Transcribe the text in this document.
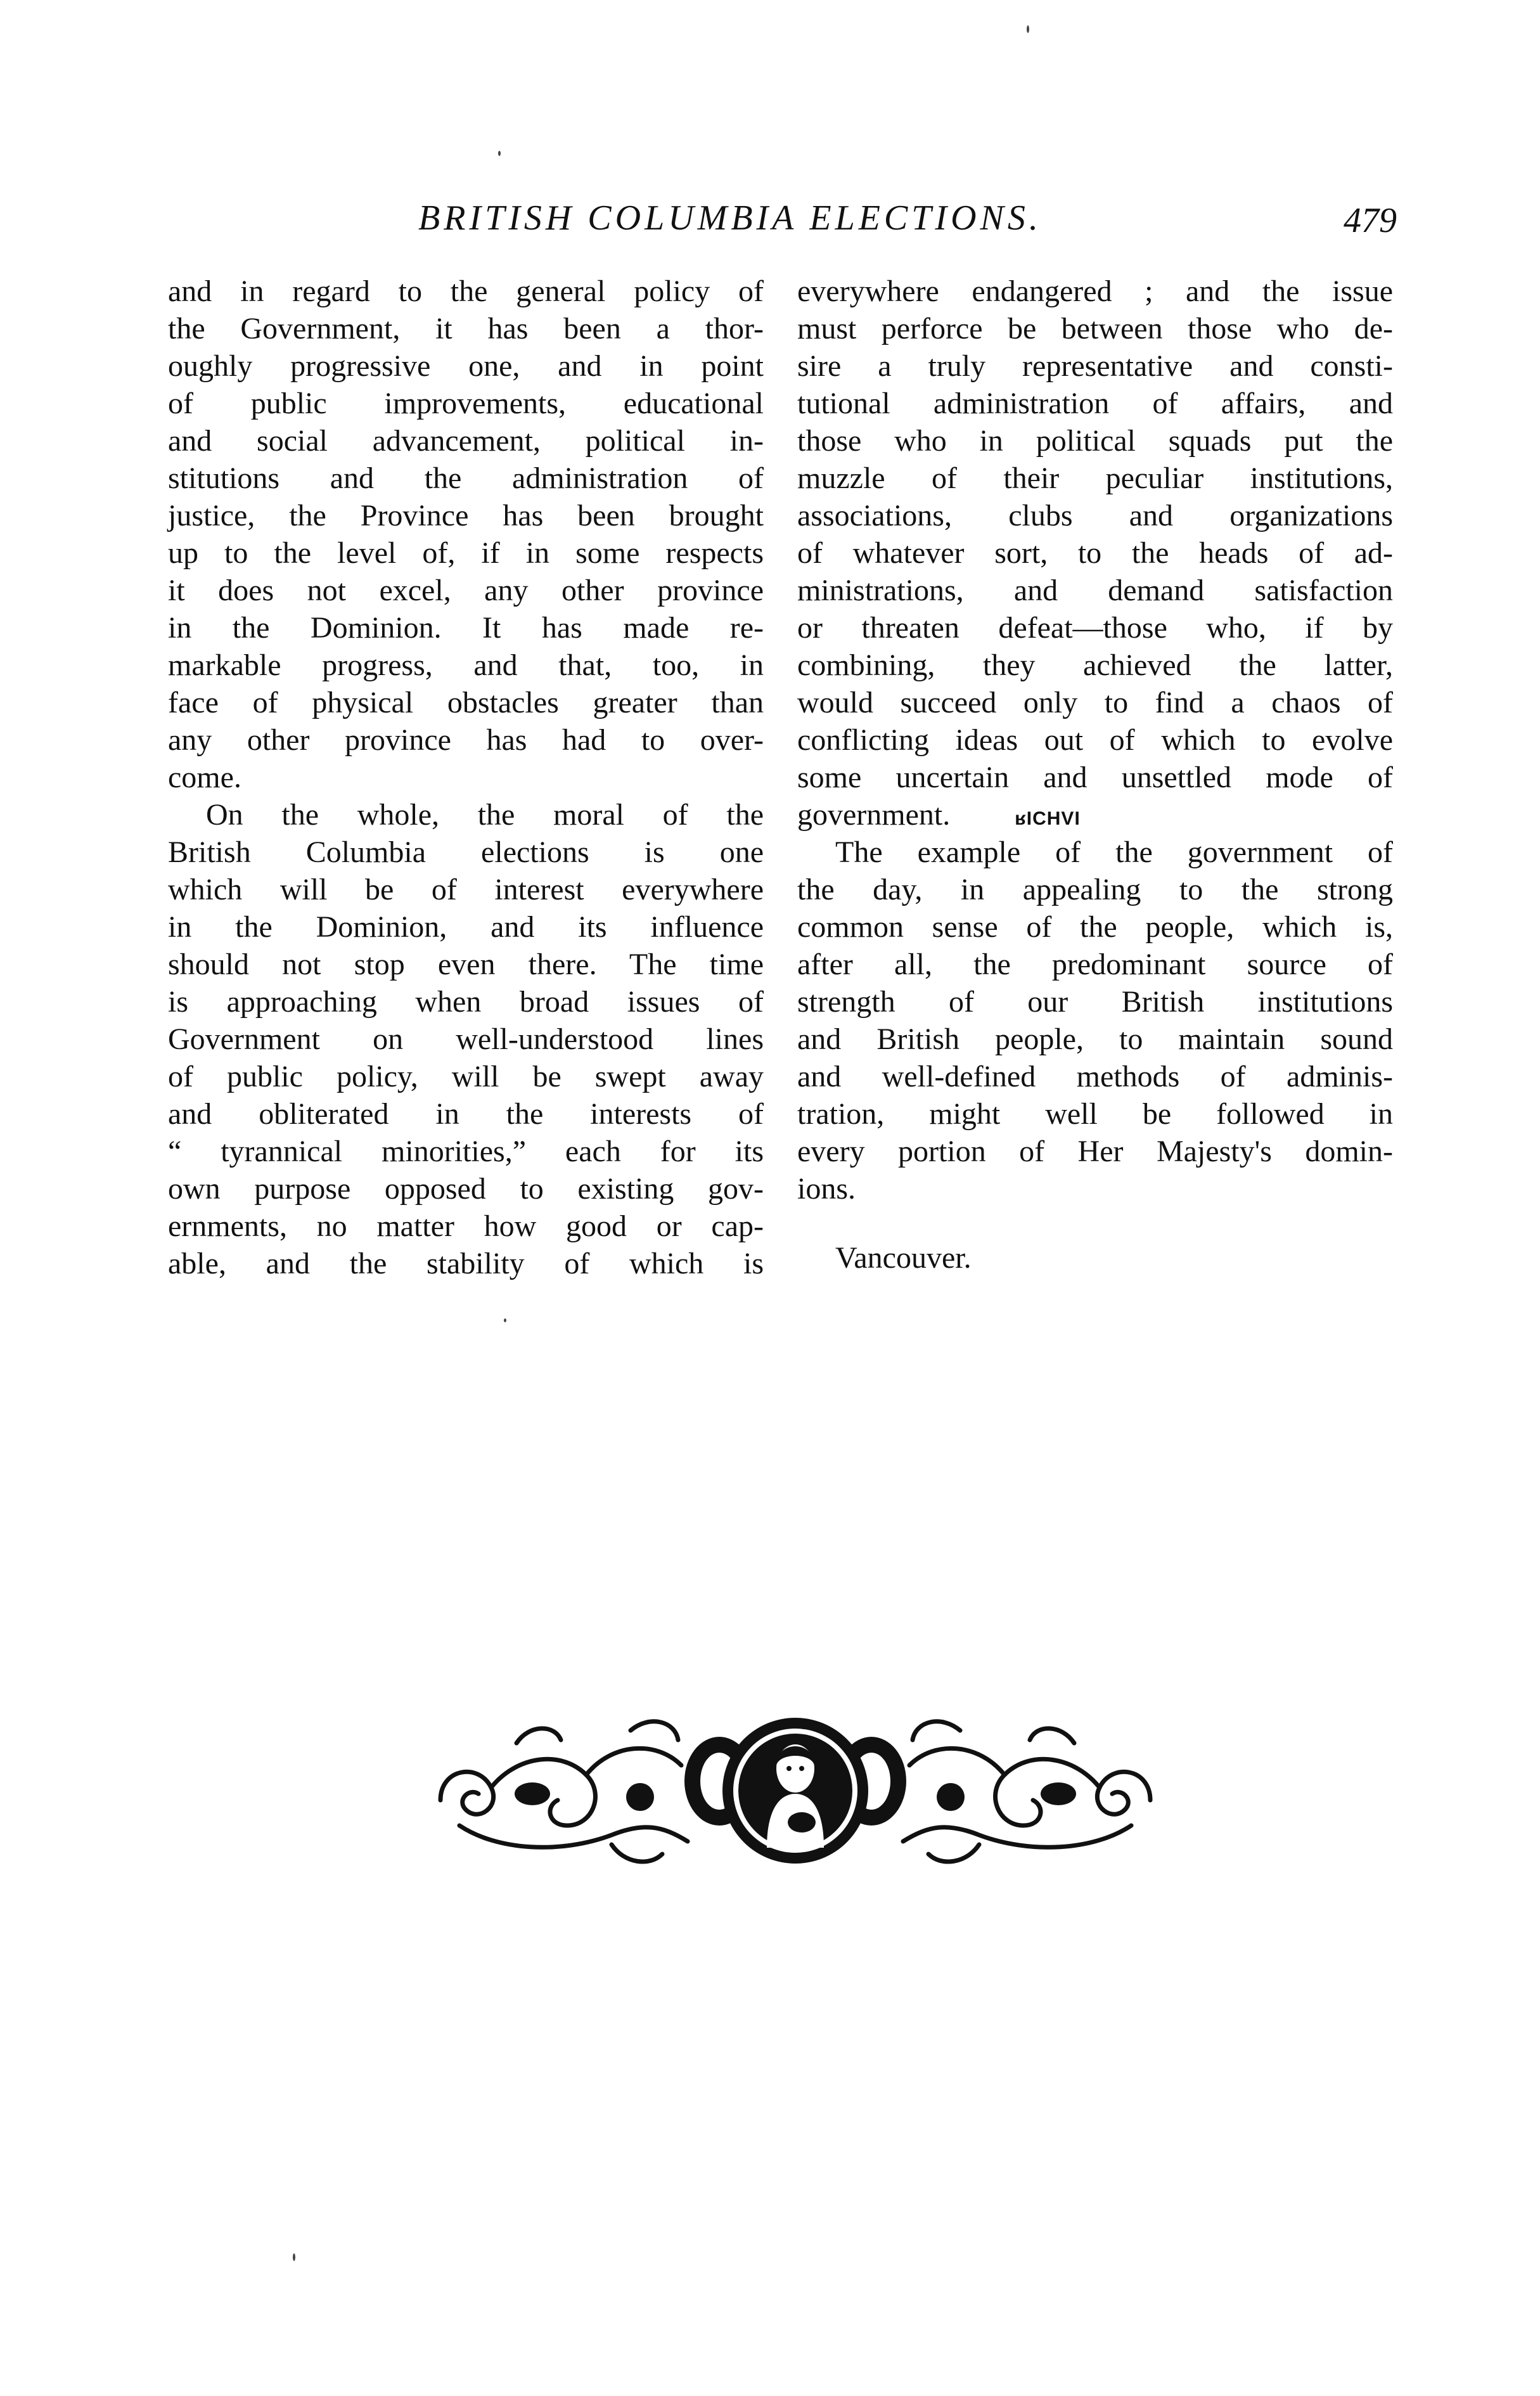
BRITISH COLUMBIA ELECTIONS.	479
and in regard to the general policy of
the Government, it has been a thor-
oughly progressive one, and in point
of public improvements, educational
and social advancement, political in-
stitutions and the administration of
justice, the Province has been brought
up to the level of, if in some respects
it does not excel, any other province
in the Dominion. It has made re-
markable progress, and that, too, in
face of physical obstacles greater than
any other province has had to over-
come.
On the whole, the moral of the
British Columbia elections is one
which will be of interest everywhere
in the Dominion, and its influence
should not stop even there. The time
is approaching when broad issues of
Government on well-understood lines
of public policy, will be swept away
and obliterated in the interests of
“ tyrannical minorities,” each for its
own purpose opposed to existing gov-
ernments, no matter how good or cap-
able, and the stability of which is
everywhere endangered ; and the issue
must perforce be between those who de-
sire a truly representative and consti-
tutional administration of affairs, and
those who in political squads put the
muzzle of their peculiar institutions,
associations, clubs and organizations
of whatever sort, to the heads of ad-
ministrations, and demand satisfaction
or threaten defeat—those who, if by
combining, they achieved the latter,
would succeed only to find a chaos of
conflicting ideas out of which to evolve
some uncertain and unsettled mode of
government.	ʁICHVI
The example of the government of
the day, in appealing to the strong
common sense of the people, which is,
after all, the predominant source of
strength of our British institutions
and British people, to maintain sound
and well-defined methods of adminis-
tration, might well be followed in
every portion of Her Majesty's domin-
ions.
Vancouver.
